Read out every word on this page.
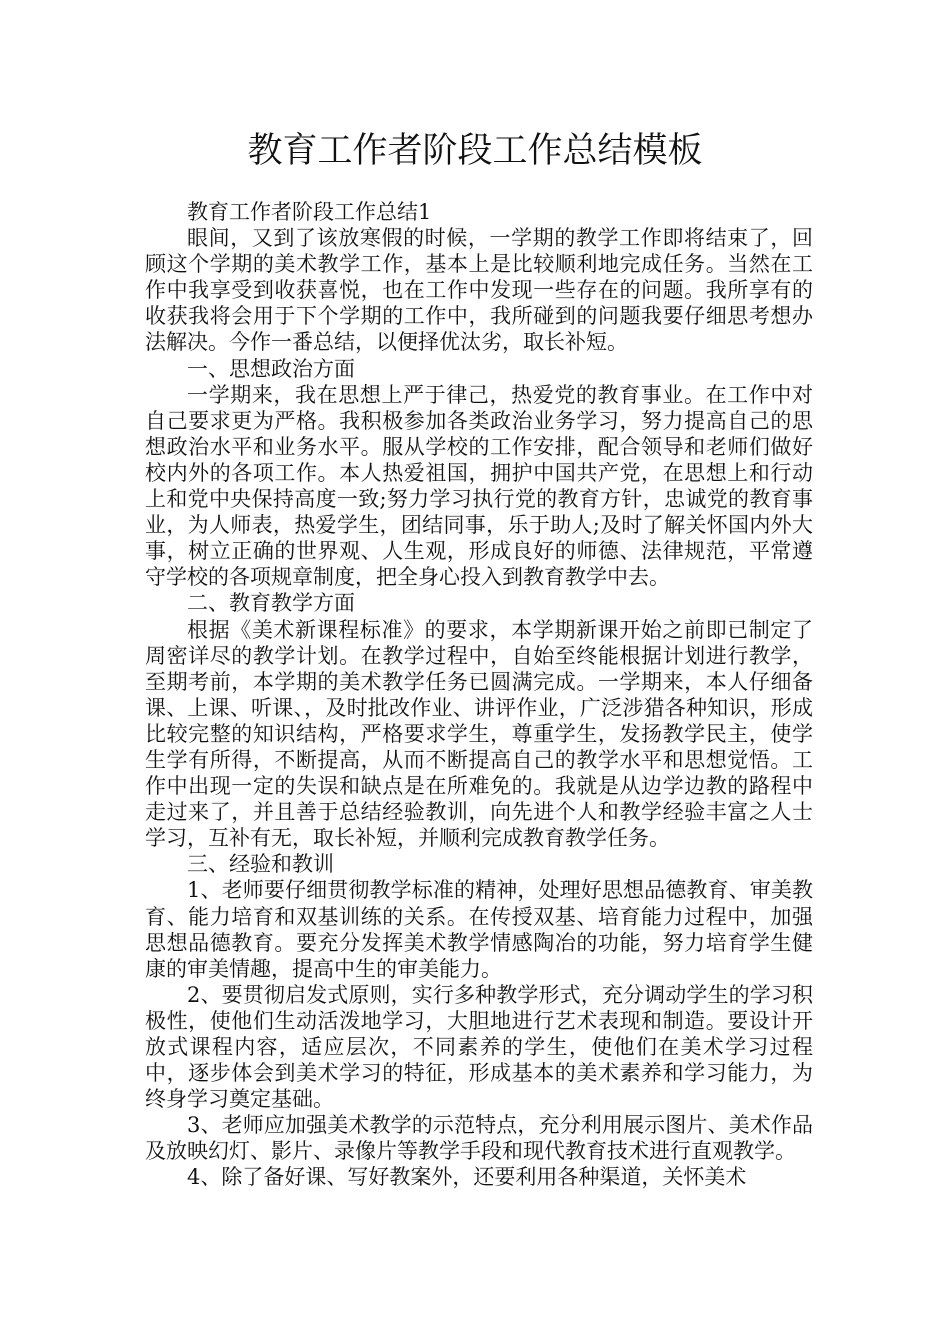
教育工作者阶段工作总结模板

教育工作者阶段工作总结1

眼间，又到了该放寒假的时候，一学期的教学工作即将结束了，回顾这个学期的美术教学工作，基本上是比较顺利地完成任务。当然在工作中我享受到收获喜悦，也在工作中发现一些存在的问题。我所享有的收获我将会用于下个学期的工作中，我所碰到的问题我要仔细思考想办法解决。今作一番总结，以便择优汰劣，取长补短。

一、思想政治方面

一学期来，我在思想上严于律己，热爱党的教育事业。在工作中对自己要求更为严格。我积极参加各类政治业务学习，努力提高自己的思想政治水平和业务水平。服从学校的工作安排，配合领导和老师们做好校内外的各项工作。本人热爱祖国，拥护中国共产党，在思想上和行动上和党中央保持高度一致;努力学习执行党的教育方针，忠诚党的教育事业，为人师表，热爱学生，团结同事，乐于助人;及时了解关怀国内外大事，树立正确的世界观、人生观，形成良好的师德、法律规范，平常遵守学校的各项规章制度，把全身心投入到教育教学中去。

二、教育教学方面

根据《美术新课程标准》的要求，本学期新课开始之前即已制定了周密详尽的教学计划。在教学过程中，自始至终能根据计划进行教学，至期考前，本学期的美术教学任务已圆满完成。一学期来，本人仔细备课、上课、听课、，及时批改作业、讲评作业，广泛涉猎各种知识，形成比较完整的知识结构，严格要求学生，尊重学生，发扬教学民主，使学生学有所得，不断提高，从而不断提高自己的教学水平和思想觉悟。工作中出现一定的失误和缺点是在所难免的。我就是从边学边教的路程中走过来了，并且善于总结经验教训，向先进个人和教学经验丰富之人士学习，互补有无，取长补短，并顺利完成教育教学任务。

三、经验和教训

1、老师要仔细贯彻教学标准的精神，处理好思想品德教育、审美教育、能力培育和双基训练的关系。在传授双基、培育能力过程中，加强思想品德教育。要充分发挥美术教学情感陶冶的功能，努力培育学生健康的审美情趣，提高中生的审美能力。

2、要贯彻启发式原则，实行多种教学形式，充分调动学生的学习积极性，使他们生动活泼地学习，大胆地进行艺术表现和制造。要设计开放式课程内容，适应层次，不同素养的学生，使他们在美术学习过程中，逐步体会到美术学习的特征，形成基本的美术素养和学习能力，为终身学习奠定基础。

3、老师应加强美术教学的示范特点，充分利用展示图片、美术作品及放映幻灯、影片、录像片等教学手段和现代教育技术进行直观教学。

4、除了备好课、写好教案外，还要利用各种渠道，关怀美术
